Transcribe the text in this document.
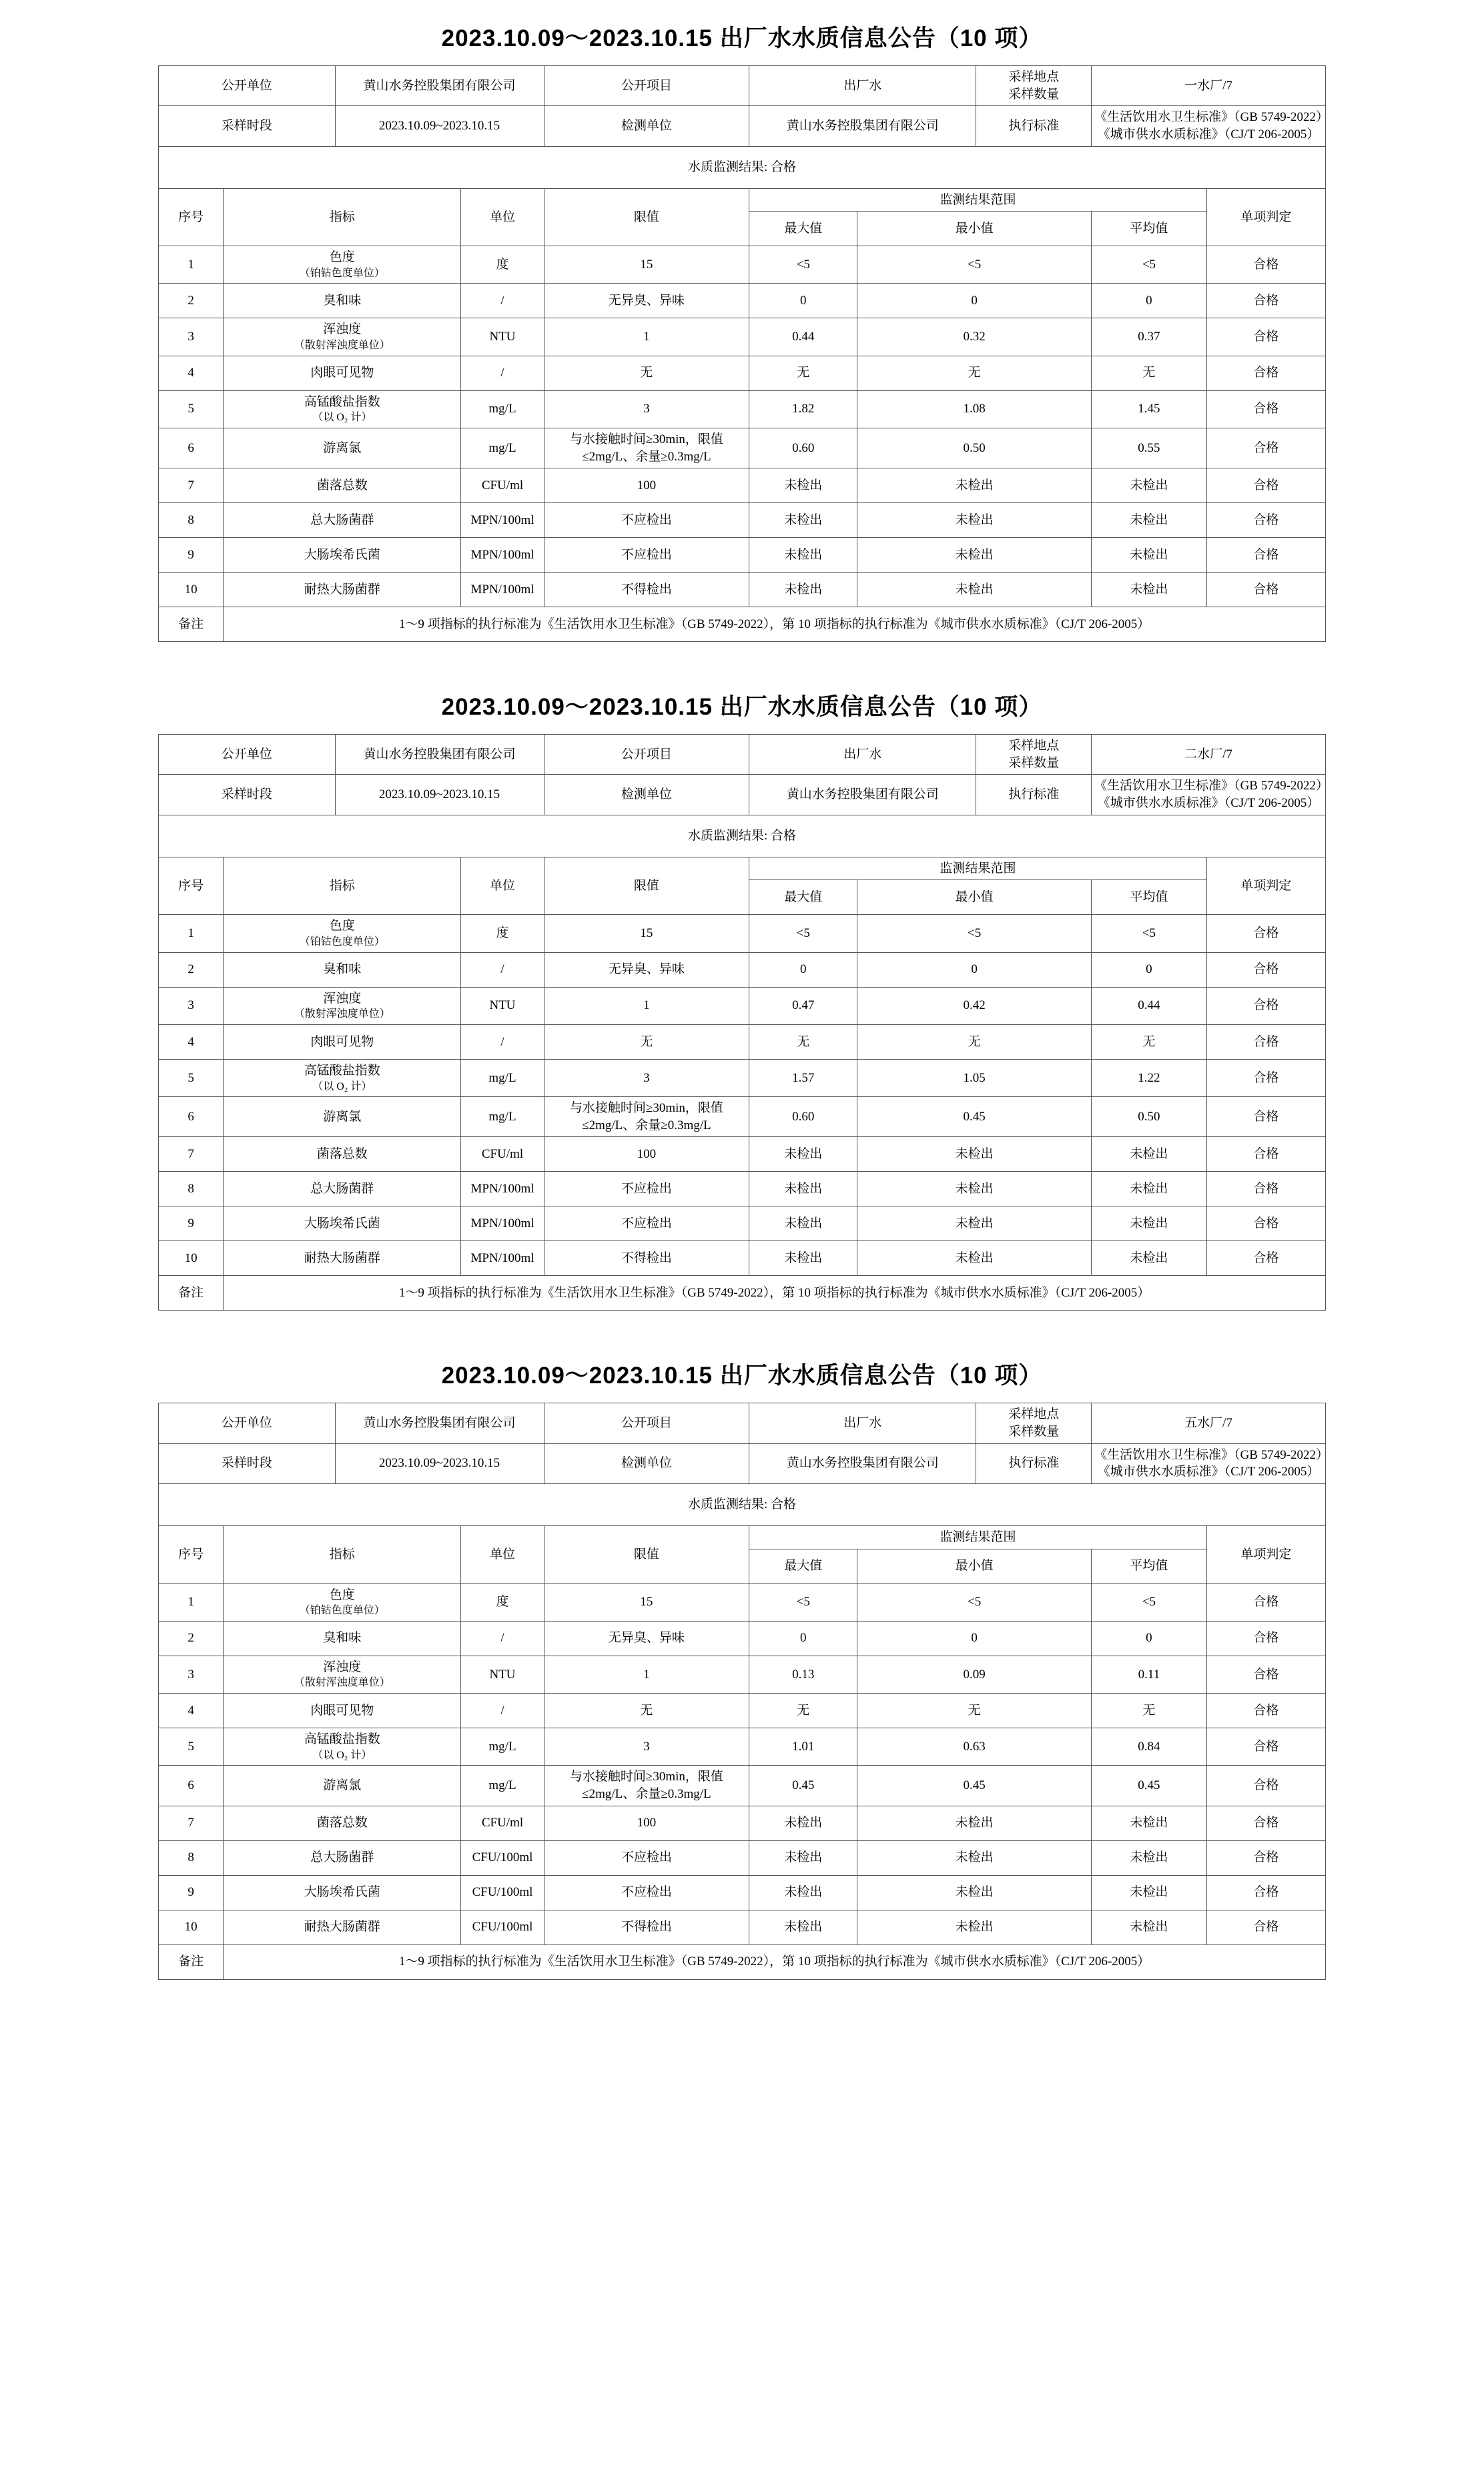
2023.10.09～2023.10.15 出厂水水质信息公告（10 项）
公开单位		黄山水务控股集团有限公司		公开项目	出厂水		采样地点
采样数量	一水厂/7	
采样时段		2023.10.09~2023.10.15		检测单位	黄山水务控股集团有限公司		执行标准	《生活饮用水卫生标准》（GB 5749-2022）
《城市供水水质标准》（CJ/T 206-2005）	

水质监测结果: 合格									
序号	指标		单位	限值	监测结果范围				单项判定
					最大值	最小值		平均值	
1	色度
（铂钴色度单位）		度	15	<5	<5		<5	合格
2	臭和味		/	无异臭、异味	0	0		0	合格
3	浑浊度
（散射浑浊度单位）		NTU	1	0.44	0.32		0.37	合格
4	肉眼可见物		/	无	无	无		无	合格
5	高锰酸盐指数
（以 O₂ 计）		mg/L	3	1.82	1.08		1.45	合格
6	游离氯		mg/L	与水接触时间≥30min，限值≤2mg/L、余量≥0.3mg/L	0.60	0.50		0.55	合格
7	菌落总数		CFU/ml	100	未检出	未检出		未检出	合格
8	总大肠菌群		MPN/100ml	不应检出	未检出	未检出		未检出	合格
9	大肠埃希氏菌		MPN/100ml	不应检出	未检出	未检出		未检出	合格
10	耐热大肠菌群		MPN/100ml	不得检出	未检出	未检出		未检出	合格
备注	1～9 项指标的执行标准为《生活饮用水卫生标准》（GB 5749-2022），第 10 项指标的执行标准为《城市供水水质标准》（CJ/T 206-2005）								
2023.10.09～2023.10.15 出厂水水质信息公告（10 项）
公开单位		黄山水务控股集团有限公司		公开项目	出厂水		采样地点
采样数量	二水厂/7	
采样时段		2023.10.09~2023.10.15		检测单位	黄山水务控股集团有限公司		执行标准	《生活饮用水卫生标准》（GB 5749-2022）
《城市供水水质标准》（CJ/T 206-2005）	

水质监测结果: 合格									
序号	指标		单位	限值	监测结果范围				单项判定
					最大值	最小值		平均值	
1	色度
（铂钴色度单位）		度	15	<5	<5		<5	合格
2	臭和味		/	无异臭、异味	0	0		0	合格
3	浑浊度
（散射浑浊度单位）		NTU	1	0.47	0.42		0.44	合格
4	肉眼可见物		/	无	无	无		无	合格
5	高锰酸盐指数
（以 O₂ 计）		mg/L	3	1.57	1.05		1.22	合格
6	游离氯		mg/L	与水接触时间≥30min，限值≤2mg/L、余量≥0.3mg/L	0.60	0.45		0.50	合格
7	菌落总数		CFU/ml	100	未检出	未检出		未检出	合格
8	总大肠菌群		MPN/100ml	不应检出	未检出	未检出		未检出	合格
9	大肠埃希氏菌		MPN/100ml	不应检出	未检出	未检出		未检出	合格
10	耐热大肠菌群		MPN/100ml	不得检出	未检出	未检出		未检出	合格
备注	1～9 项指标的执行标准为《生活饮用水卫生标准》（GB 5749-2022），第 10 项指标的执行标准为《城市供水水质标准》（CJ/T 206-2005）								
2023.10.09～2023.10.15 出厂水水质信息公告（10 项）
公开单位		黄山水务控股集团有限公司		公开项目	出厂水		采样地点
采样数量	五水厂/7	
采样时段		2023.10.09~2023.10.15		检测单位	黄山水务控股集团有限公司		执行标准	《生活饮用水卫生标准》（GB 5749-2022）
《城市供水水质标准》（CJ/T 206-2005）	

水质监测结果: 合格									
序号	指标		单位	限值	监测结果范围				单项判定
					最大值	最小值		平均值	
1	色度
（铂钴色度单位）		度	15	<5	<5		<5	合格
2	臭和味		/	无异臭、异味	0	0		0	合格
3	浑浊度
（散射浑浊度单位）		NTU	1	0.13	0.09		0.11	合格
4	肉眼可见物		/	无	无	无		无	合格
5	高锰酸盐指数
（以 O₂ 计）		mg/L	3	1.01	0.63		0.84	合格
6	游离氯		mg/L	与水接触时间≥30min，限值≤2mg/L、余量≥0.3mg/L	0.45	0.45		0.45	合格
7	菌落总数		CFU/ml	100	未检出	未检出		未检出	合格
8	总大肠菌群		CFU/100ml	不应检出	未检出	未检出		未检出	合格
9	大肠埃希氏菌		CFU/100ml	不应检出	未检出	未检出		未检出	合格
10	耐热大肠菌群		CFU/100ml	不得检出	未检出	未检出		未检出	合格
备注	1～9 项指标的执行标准为《生活饮用水卫生标准》（GB 5749-2022），第 10 项指标的执行标准为《城市供水水质标准》（CJ/T 206-2005）								
